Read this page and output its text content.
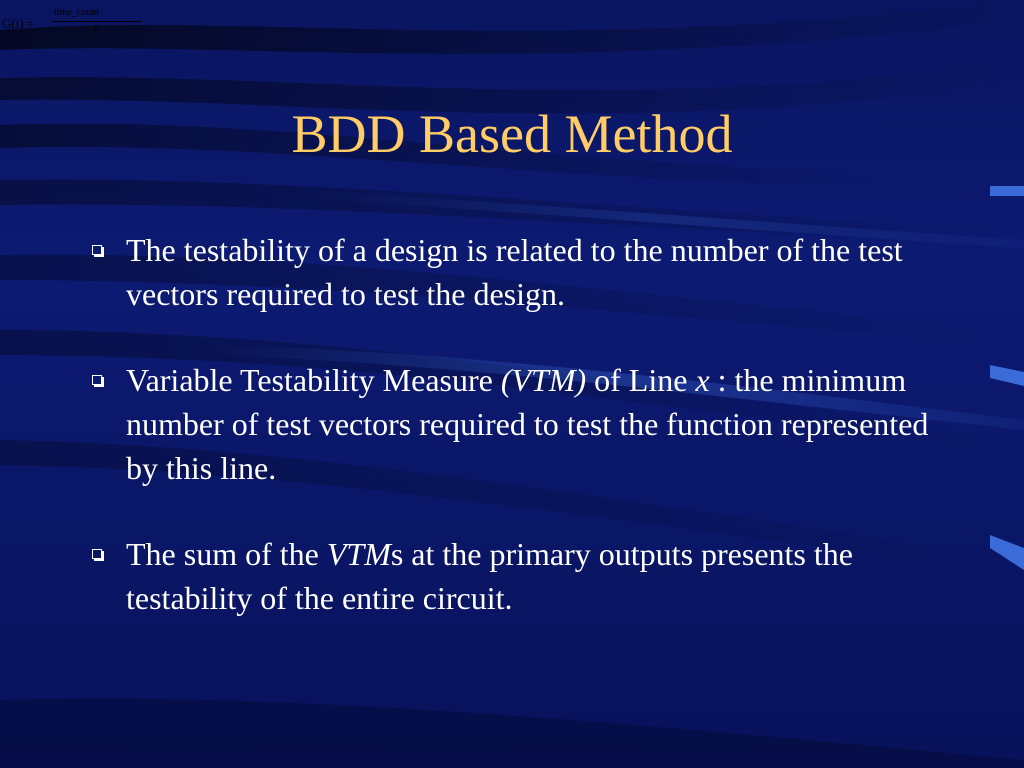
G(t) =
time_count
V
BDD Based Method
The testability of a design is related to the number of the test vectors required to test the design.
Variable Testability Measure (VTM) of Line x : the minimum number of test vectors required to test the function represented by this line.
The sum of the VTMs at the primary outputs presents the testability of the entire circuit.
